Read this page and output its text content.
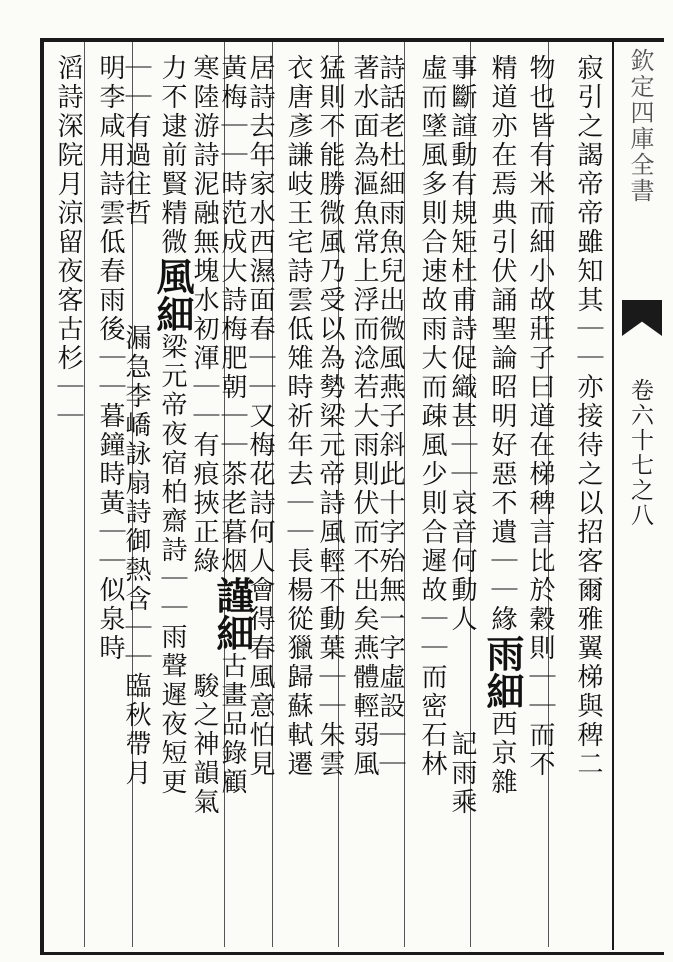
欽定四庫全書
卷六十七之八
寂引之謁帝帝雖知其｜｜亦接待之以招客爾雅翼梯與稗二
物也皆有米而細小故莊子曰道在梯稗言比於穀則｜｜而不
精道亦在焉典引伏誦聖論昭明好惡不遺｜｜緣雨細西京雜
事斷諠動有規矩杜甫詩促織甚｜｜哀音何動人記雨乘
虛而墜風多則合速故雨大而疎風少則合遲故｜｜而密石林
詩話老杜細雨魚兒出微風燕子斜此十字殆無一字虛設｜｜
著水面為漚魚常上浮而淰若大雨則伏而不出矣燕體輕弱風
猛則不能勝微風乃受以為勢梁元帝詩風輕不動葉｜｜朱雲
衣唐彥謙岐王宅詩雲低雉時祈年去｜｜長楊從獵歸蘇軾遷
居詩去年家水西濕面春｜｜又梅花詩何人會得春風意怕見
黃梅｜｜時范成大詩梅肥朝｜｜茶老暮烟謹細古畫品錄顧
寒陸游詩泥融無塊水初渾｜｜有痕挾正綠駿之神韻氣
力不逮前賢精微風細梁元帝夜宿柏齋詩｜｜雨聲遲夜短更
｜｜有過往哲漏急李嶠詠扇詩御熱含｜｜臨秋帶月
明李咸用詩雲低春雨後｜｜暮鐘時黃｜｜似泉時
滔詩深院月涼留夜客古杉｜｜
